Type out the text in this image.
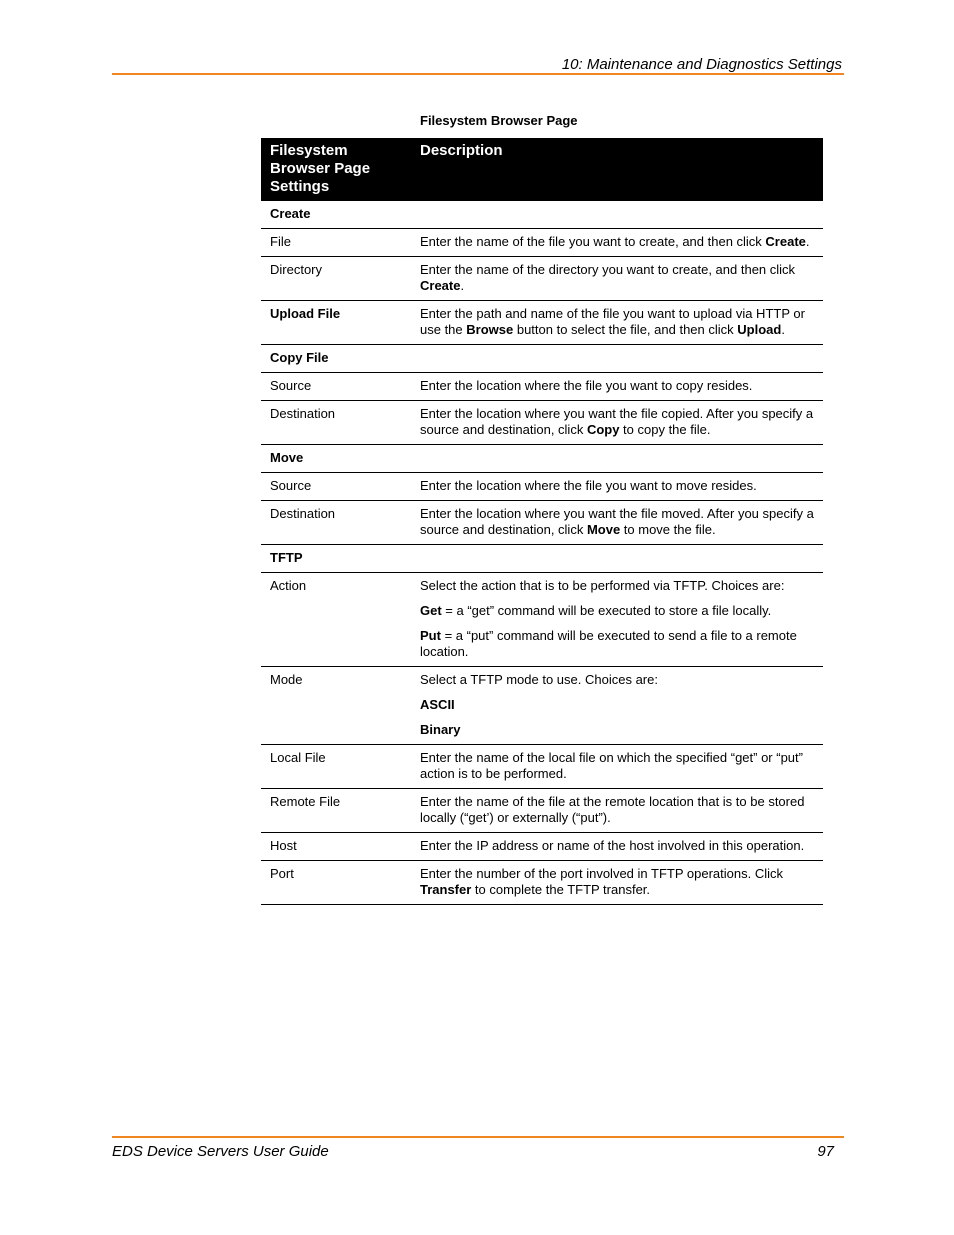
10: Maintenance and Diagnostics Settings
Filesystem Browser Page
Filesystem Browser Page Settings	Description
Create	
File	Enter the name of the file you want to create, and then click Create.

Directory	Enter the name of the directory you want to create, and then click Create.

Upload File	Enter the path and name of the file you want to upload via HTTP or use the Browse button to select the file, and then click Upload.

Copy File	
Source	Enter the location where the file you want to copy resides.

Destination	Enter the location where you want the file copied. After you specify a source and destination, click Copy to copy the file.

Move	
Source	Enter the location where the file you want to move resides.

Destination	Enter the location where you want the file moved. After you specify a source and destination, click Move to move the file.

TFTP	
Action	Select the action that is to be performed via TFTP. Choices are:

Get = a “get” command will be executed to store a file locally.

Put = a “put” command will be executed to send a file to a remote location.

Mode	Select a TFTP mode to use. Choices are:

ASCII

Binary

Local File	Enter the name of the local file on which the specified “get” or “put” action is to be performed.

Remote File	Enter the name of the file at the remote location that is to be stored locally (“get’) or externally (“put”).

Host	Enter the IP address or name of the host involved in this operation.

Port	Enter the number of the port involved in TFTP operations. Click Transfer to complete the TFTP transfer.

EDS Device Servers User Guide	97
